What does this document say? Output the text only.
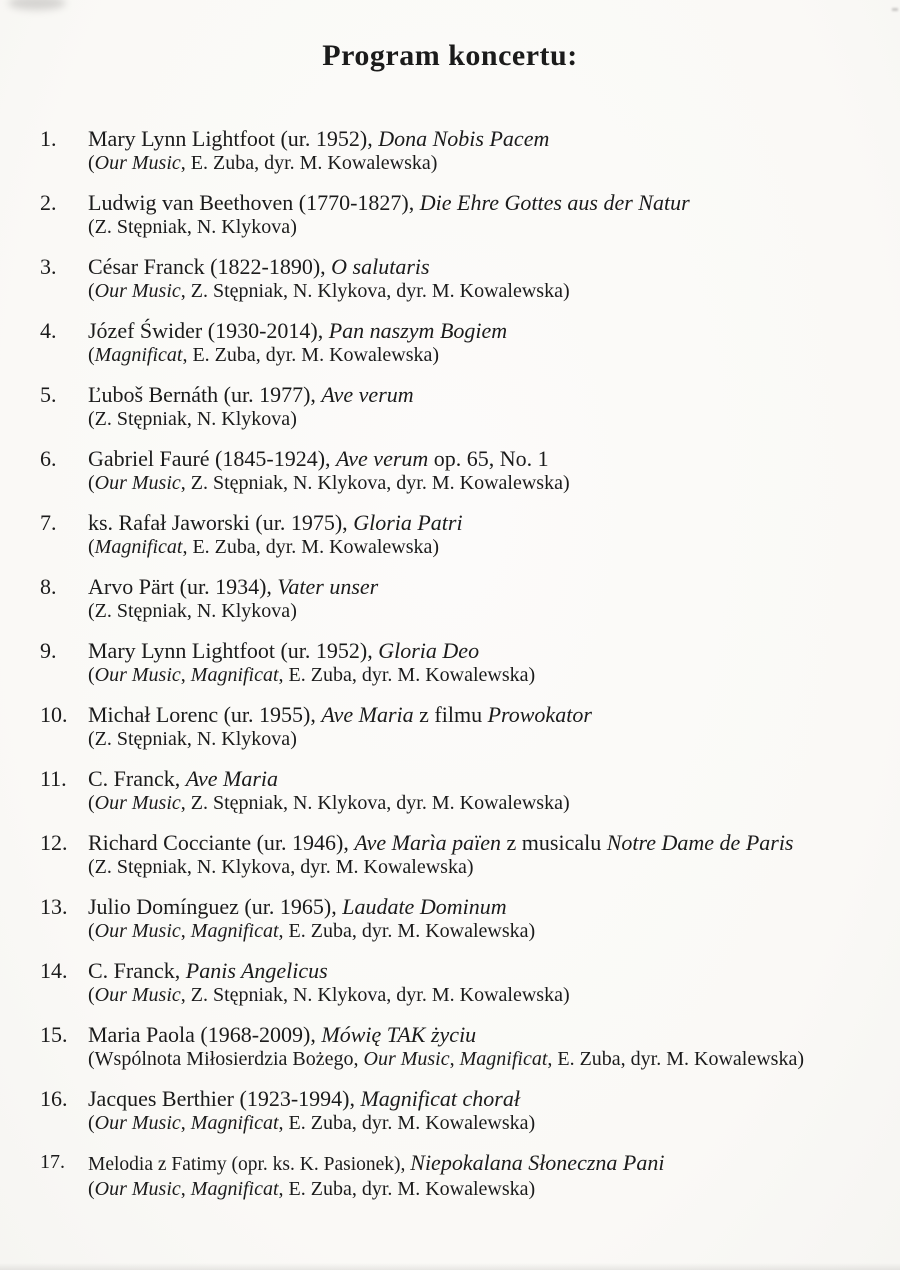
Program koncertu:
1.	Mary Lynn Lightfoot (ur. 1952), Dona Nobis Pacem
(Our Music, E. Zuba, dyr. M. Kowalewska)
2.	Ludwig van Beethoven (1770-1827), Die Ehre Gottes aus der Natur
(Z. Stępniak, N. Klykova)
3.	César Franck (1822-1890), O salutaris
(Our Music, Z. Stępniak, N. Klykova, dyr. M. Kowalewska)
4.	Józef Świder (1930-2014), Pan naszym Bogiem
(Magnificat, E. Zuba, dyr. M. Kowalewska)
5.	Ľuboš Bernáth (ur. 1977), Ave verum
(Z. Stępniak, N. Klykova)
6.	Gabriel Fauré (1845-1924), Ave verum op. 65, No. 1
(Our Music, Z. Stępniak, N. Klykova, dyr. M. Kowalewska)
7.	ks. Rafał Jaworski (ur. 1975), Gloria Patri
(Magnificat, E. Zuba, dyr. M. Kowalewska)
8.	Arvo Pärt (ur. 1934), Vater unser
(Z. Stępniak, N. Klykova)
9.	Mary Lynn Lightfoot (ur. 1952), Gloria Deo
(Our Music, Magnificat, E. Zuba, dyr. M. Kowalewska)
10. Michał Lorenc (ur. 1955), Ave Maria z filmu Prowokator
(Z. Stępniak, N. Klykova)
11. C. Franck, Ave Maria
(Our Music, Z. Stępniak, N. Klykova, dyr. M. Kowalewska)
12. Richard Cocciante (ur. 1946), Ave Marìa païen z musicalu Notre Dame de Paris
(Z. Stępniak, N. Klykova, dyr. M. Kowalewska)
13. Julio Domínguez (ur. 1965), Laudate Dominum
(Our Music, Magnificat, E. Zuba, dyr. M. Kowalewska)
14. C. Franck, Panis Angelicus
(Our Music, Z. Stępniak, N. Klykova, dyr. M. Kowalewska)
15. Maria Paola (1968-2009), Mówię TAK życiu
(Wspólnota Miłosierdzia Bożego, Our Music, Magnificat, E. Zuba, dyr. M. Kowalewska)
16. Jacques Berthier (1923-1994), Magnificat chorał
(Our Music, Magnificat, E. Zuba, dyr. M. Kowalewska)
17.	Melodia z Fatimy (opr. ks. K. Pasionek), Niepokalana Słoneczna Pani
(Our Music, Magnificat, E. Zuba, dyr. M. Kowalewska)
